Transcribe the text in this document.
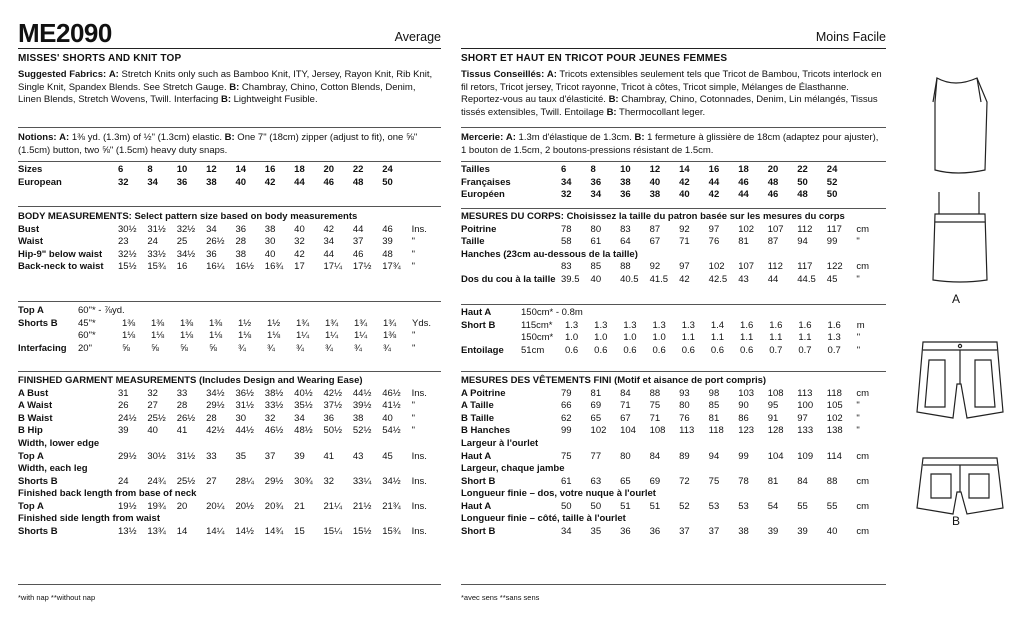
ME2090	Average
MISSES' SHORTS AND KNIT TOP

Suggested Fabrics: A: Stretch Knits only such as Bamboo Knit, ITY, Jersey, Rayon Knit, Rib Knit, Single Knit, Spandex Blends. See Stretch Gauge. B: Chambray, Chino, Cotton Blends, Denim, Linen Blends, Stretch Wovens, Twill. Interfacing B: Lightweight Fusible.

Notions: A: 1⅜ yd. (1.3m) of ½" (1.3cm) elastic. B: One 7" (18cm) zipper (adjust to fit), one ⅝" (1.5cm) button, two ⅝" (1.5cm) heavy duty snaps.

Sizes	6	8	10	12	14	16	18	20	22	24	
European	32	34	36	38	40	42	44	46	48	50	
BODY MEASUREMENTS: Select pattern size based on body measurements
Bust	30½	31½	32½	34	36	38	40	42	44	46	Ins.
Waist	23	24	25	26½	28	30	32	34	37	39	"
Hip-9" below waist	32½	33½	34½	36	38	40	42	44	46	48	"
Back-neck to waist	15½	15¾	16	16¼	16½	16¾	17	17¼	17½	17¾	"
Top A	60"* - ⅞yd.											
Shorts B	45"*	1⅜	1⅜	1⅜	1⅜	1½	1½	1¾	1¾	1¾	1¾	Yds.
	60"*	1⅛	1⅛	1⅛	1⅛	1⅛	1⅛	1¼	1¼	1¼	1⅜	"
Interfacing	20"	⅝	⅝	⅝	⅝	¾	¾	¾	¾	¾	¾	"
FINISHED GARMENT MEASUREMENTS (Includes Design and Wearing Ease)
A Bust	31	32	33	34½	36½	38½	40½	42½	44½	46½	Ins.
A Waist	26	27	28	29½	31½	33½	35½	37½	39½	41½	"
B Waist	24½	25½	26½	28	30	32	34	36	38	40	"
B Hip	39	40	41	42½	44½	46½	48½	50½	52½	54½	"
Width, lower edge											
Top A	29½	30½	31½	33	35	37	39	41	43	45	Ins.
Width, each leg											
Shorts B	24	24¾	25½	27	28¼	29½	30¾	32	33¼	34½	Ins.
Finished back length from base of neck											
Top A	19½	19¾	20	20¼	20½	20¾	21	21¼	21½	21¾	Ins.
Finished side length from waist											
Shorts B	13½	13¾	14	14¼	14½	14¾	15	15¼	15½	15¾	Ins.
*with nap **without nap
Moins Facile
SHORT ET HAUT EN TRICOT POUR JEUNES FEMMES

Tissus Conseillés: A: Tricots extensibles seulement tels que Tricot de Bambou, Tricots interlock en fil retors, Tricot jersey, Tricot rayonne, Tricot à côtes, Tricot simple, Mélanges de Élasthanne. Reportez-vous au taux d'élasticité. B: Chambray, Chino, Cotonnades, Denim, Lin mélangés, Tissus tissés extensibles, Twill. Entoilage B: Thermocollant leger.

Mercerie: A: 1.3m d'élastique de 1.3cm. B: 1 fermeture à glissière de 18cm (adaptez pour ajuster), 1 bouton de 1.5cm, 2 boutons-pressions résistant de 1.5cm.

Tailles	6	8	10	12	14	16	18	20	22	24	
Françaises	34	36	38	40	42	44	46	48	50	52	
Européen	32	34	36	38	40	42	44	46	48	50	
MESURES DU CORPS: Choisissez la taille du patron basée sur les mesures du corps
Poitrine	78	80	83	87	92	97	102	107	112	117	cm
Taille	58	61	64	67	71	76	81	87	94	99	"
Hanches (23cm au-dessous de la taille)											
	83	85	88	92	97	102	107	112	117	122	cm
Dos du cou à la taille	39.5	40	40.5	41.5	42	42.5	43	44	44.5	45	"
Haut A	150cm* - 0.8m											
Short B	115cm*	1.3	1.3	1.3	1.3	1.3	1.4	1.6	1.6	1.6	1.6	m
	150cm*	1.0	1.0	1.0	1.0	1.1	1.1	1.1	1.1	1.1	1.3	"
Entoilage	51cm	0.6	0.6	0.6	0.6	0.6	0.6	0.6	0.7	0.7	0.7	"
MESURES DES VÊTEMENTS FINI (Motif et aisance de port compris)
A Poitrine	79	81	84	88	93	98	103	108	113	118	cm
A Taille	66	69	71	75	80	85	90	95	100	105	"
B Taille	62	65	67	71	76	81	86	91	97	102	"
B Hanches	99	102	104	108	113	118	123	128	133	138	"
Largeur à l'ourlet											
Haut A	75	77	80	84	89	94	99	104	109	114	cm
Largeur, chaque jambe											
Short B	61	63	65	69	72	75	78	81	84	88	cm
Longueur finie – dos, votre nuque à l'ourlet											
Haut A	50	50	51	51	52	53	53	54	55	55	cm
Longueur finie – côté, taille à l'ourlet											
Short B	34	35	36	36	37	37	38	39	39	40	cm
*avec sens **sans sens
A
B
